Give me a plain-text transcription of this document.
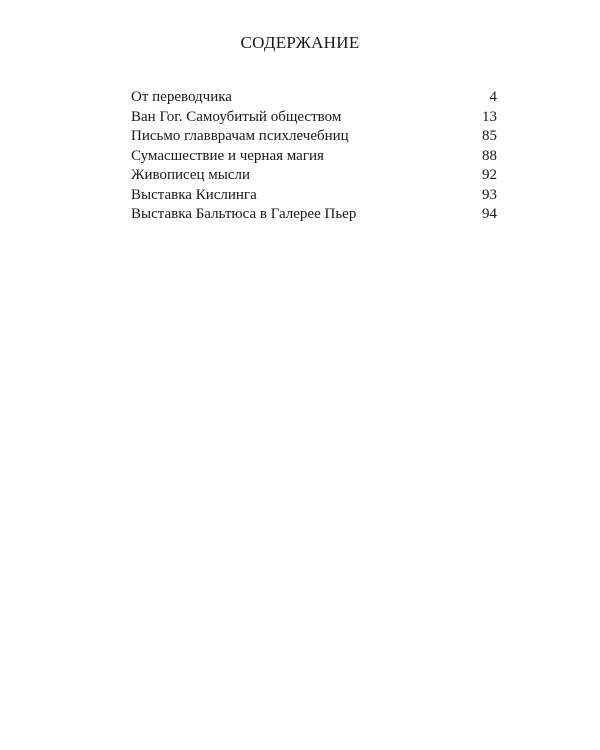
СОДЕРЖАНИЕ
От переводчика	4
Ван Гог. Самоубитый обществом	13
Письмо главврачам психлечебниц	85
Сумасшествие и черная магия	88
Живописец мысли	92
Выставка Кислинга	93
Выставка Бальтюса в Галерее Пьер	94
